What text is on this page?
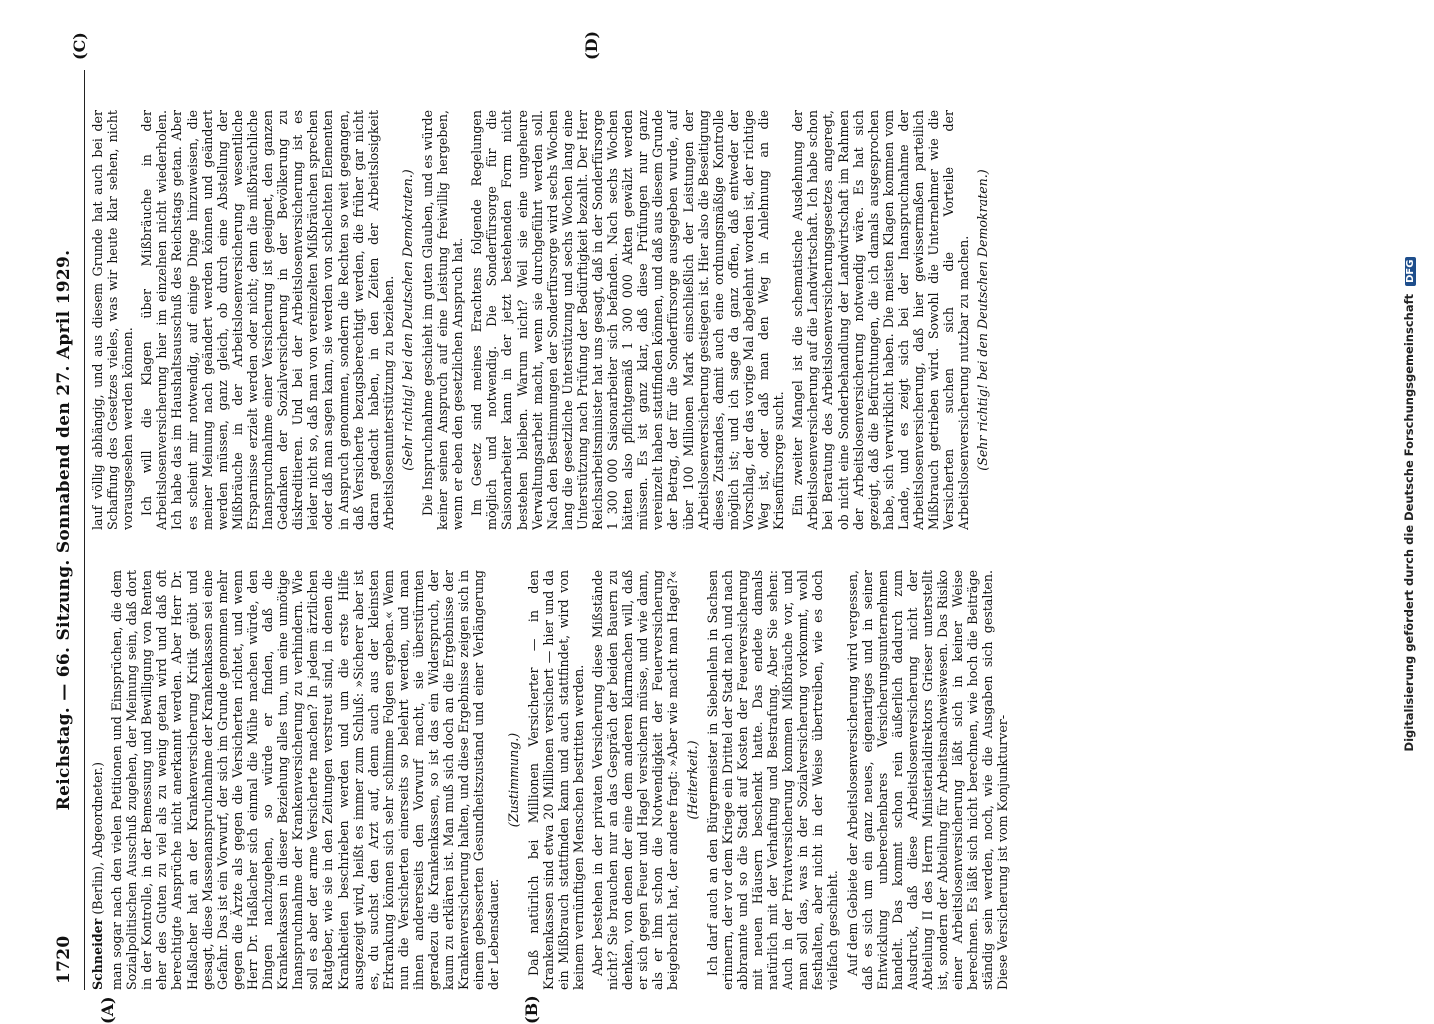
1720
Reichstag. — 66. Sitzung. Sonnabend den 27. April 1929.
(A)	(B)
(C)	(D)

Schneider (Berlin), Abgeordneter.) man sogar nach den vielen Petitionen und Einsprüchen, die dem Sozialpolitischen Ausschuß zugehen, der Meinung sein, daß dort in der Kontrolle, in der Bemessung und Bewilligung von Renten eher des Guten zu viel als zu wenig getan wird und daß oft berechtigte Ansprüche nicht anerkannt werden. Aber Herr Dr. Haßlacher hat an der Krankenversicherung Kritik geübt und gesagt, diese Massenanspruchnahme der Krankenkassen sei eine Gefahr. Das ist ein Vorwurf, der sich im Grunde genommen mehr gegen die Ärzte als gegen die Versicherten richtet, und wenn Herr Dr. Haßlacher sich einmal die Mühe machen würde, den Dingen nachzugehen, so würde er finden, daß die Krankenkassen in dieser Beziehung alles tun, um eine unnötige Inanspruchnahme der Krankenversicherung zu verhindern. Wie soll es aber der arme Versicherte machen? In jedem ärztlichen Ratgeber, wie sie in den Zeitungen verstreut sind, in denen die Krankheiten beschrieben werden und um die erste Hilfe ausgezeigt wird, heißt es immer zum Schluß: »Sicherer aber ist es, du suchst den Arzt auf, denn auch aus der kleinsten Erkrankung können sich sehr schlimme Folgen ergeben.« Wenn nun die Versicherten einerseits so belehrt werden, und man ihnen andererseits den Vorwurf macht, sie überstürmten geradezu die Krankenkassen, so ist das ein Widerspruch, der kaum zu erklären ist. Man muß sich doch an die Ergebnisse der Krankenversicherung halten, und diese Ergebnisse zeigen sich in einem gebesserten Gesundheitszustand und einer Verlängerung der Lebensdauer.

(Zustimmung.) Daß natürlich bei Millionen Versicherter — in den Krankenkassen sind etwa 20 Millionen versichert — hier und da ein Mißbrauch stattfinden kann und auch stattfindet, wird von keinem vernünftigen Menschen bestritten werden. Aber bestehen in der privaten Versicherung diese Mißstände nicht? Sie brauchen nur an das Gespräch der beiden Bauern zu denken, von denen der eine dem anderen klarmachen will, daß er sich gegen Feuer und Hagel versichern müsse, und wie dann, als er ihm schon die Notwendigkeit der Feuerversicherung beigebracht hat, der andere fragt: »Aber wie macht man Hagel?« (Heiterkeit.) Ich darf auch an den Bürgermeister in Siebenlehn in Sachsen erinnern, der vor dem Kriege ein Drittel der Stadt nach und nach abbrannte und so die Stadt auf Kosten der Feuerversicherung mit neuen Häusern beschenkt hatte. Das endete damals natürlich mit der Verhaftung und Bestrafung. Aber Sie sehen: Auch in der Privatversicherung kommen Mißbräuche vor, und man soll das, was in der Sozialversicherung vorkommt, wohl festhalten, aber nicht in der Weise übertreiben, wie es doch vielfach geschieht. Auf dem Gebiete der Arbeitslosenversicherung wird vergessen, daß es sich um ein ganz neues, eigenartiges und in seiner Entwicklung unberechenbares Versicherungsunternehmen handelt. Das kommt schon rein äußerlich dadurch zum Ausdruck, daß diese Arbeitslosenversicherung nicht der Abteilung II des Herrn Ministerialdirektors Grieser unterstellt ist, sondern der Abteilung für Arbeitsnachweiswesen. Das Risiko einer Arbeitslosenversicherung läßt sich in keiner Weise berechnen. Es läßt sich nicht berechnen, wie hoch die Beiträge ständig sein werden, noch, wie die Ausgaben sich gestalten. Diese Versicherung ist vom Konjunkturver-

lauf völlig abhängig, und aus diesem Grunde hat auch bei der Schaffung des Gesetzes vieles, was wir heute klar sehen, nicht vorausgesehen werden können. Ich will die Klagen über Mißbräuche in der Arbeitslosenversicherung hier im einzelnen nicht wiederholen. Ich habe das im Haushaltsausschuß des Reichstags getan. Aber es scheint mir notwendig, auf einige Dinge hinzuweisen, die meiner Meinung nach geändert werden können und geändert werden müssen, ganz gleich, ob durch eine Abstellung der Mißbräuche in der Arbeitslosenversicherung wesentliche Ersparnisse erzielt werden oder nicht; denn die mißbräuchliche Inanspruchnahme einer Versicherung ist geeignet, den ganzen Gedanken der Sozialversicherung in der Bevölkerung zu diskreditieren. Und bei der Arbeitslosenversicherung ist es leider nicht so, daß man von vereinzelten Mißbräuchen sprechen oder daß man sagen kann, sie werden von schlechten Elementen in Anspruch genommen, sondern die Rechten so weit gegangen, daß Versicherte bezugsberechtigt werden, die früher gar nicht daran gedacht haben, in den Zeiten der Arbeitslosigkeit Arbeitslosenunterstützung zu beziehen. (Sehr richtig! bei den Deutschen Demokraten.) Die Inspruchnahme geschieht im guten Glauben, und es würde keiner seinen Anspruch auf eine Leistung freiwillig hergeben, wenn er eben den gesetzlichen Anspruch hat. Im Gesetz sind meines Erachtens folgende Regelungen möglich und notwendig. Die Sonderfürsorge für die Saisonarbeiter kann in der jetzt bestehenden Form nicht bestehen bleiben. Warum nicht? Weil sie eine ungeheure Verwaltungsarbeit macht, wenn sie durchgeführt werden soll. Nach den Bestimmungen der Sonderfürsorge wird sechs Wochen lang die gesetzliche Unterstützung und sechs Wochen lang eine Unterstützung nach Prüfung der Bedürftigkeit bezahlt. Der Herr Reichsarbeitsminister hat uns gesagt, daß in der Sonderfürsorge 1 300 000 Saisonarbeiter sich befanden. Nach sechs Wochen hätten also pflichtgemäß 1 300 000 Akten gewälzt werden müssen. Es ist ganz klar, daß diese Prüfungen nur ganz vereinzelt haben stattfinden können, und daß aus diesem Grunde der Betrag, der für die Sonderfürsorge ausgegeben wurde, auf über 100 Millionen Mark einschließlich der Leistungen der Arbeitslosenversicherung gestiegen ist. Hier also die Beseitigung dieses Zustandes, damit auch eine ordnungsmäßige Kontrolle möglich ist; und ich sage da ganz offen, daß entweder der Vorschlag, der das vorige Mal abgelehnt worden ist, der richtige Weg ist, oder daß man den Weg in Anlehnung an die Krisenfürsorge sucht. Ein zweiter Mangel ist die schematische Ausdehnung der Arbeitslosenversicherung auf die Landwirtschaft. Ich habe schon bei Beratung des Arbeitslosenversicherungsgesetzes angeregt, ob nicht eine Sonderbehandlung der Landwirtschaft im Rahmen der Arbeitslosenversicherung notwendig wäre. Es hat sich gezeigt, daß die Befürchtungen, die ich damals ausgesprochen habe, sich verwirklicht haben. Die meisten Klagen kommen vom Lande, und es zeigt sich bei der Inanspruchnahme der Arbeitslosenversicherung, daß hier gewissermaßen parteilich Mißbrauch getrieben wird. Sowohl die Unternehmer wie die Versicherten suchen sich die Vorteile der Arbeitslosenversicherung nutzbar zu machen. (Sehr richtig! bei den Deutschen Demokraten.)	Digitalisierung gefördert durch die Deutsche Forschungsgemeinschaft DFG
